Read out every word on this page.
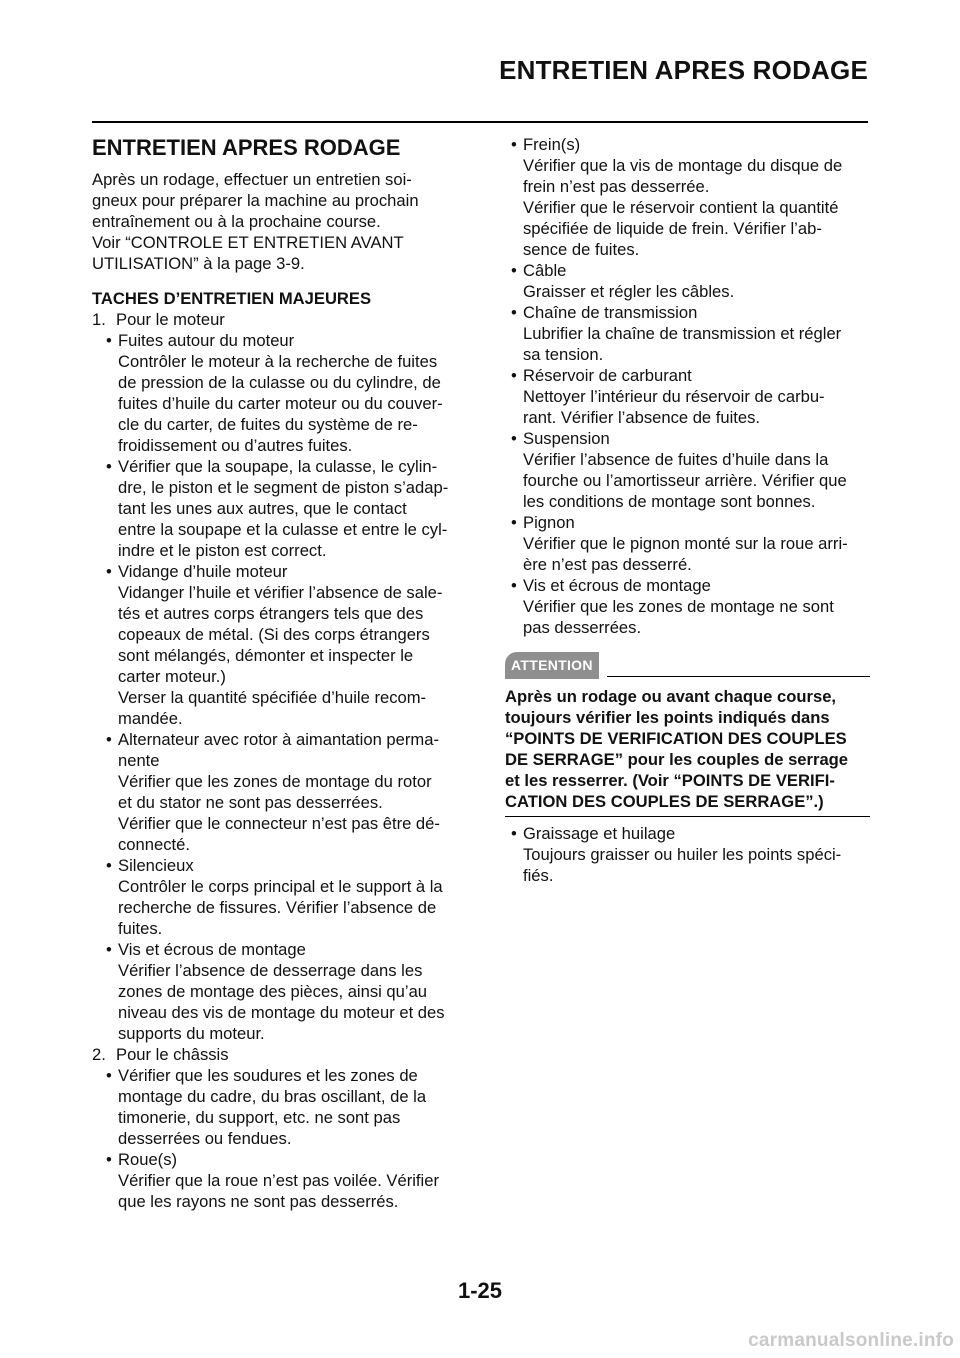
ENTRETIEN APRES RODAGE
ENTRETIEN APRES RODAGE

Après un rodage, effectuer un entretien soi-
gneux pour préparer la machine au prochain
entraînement ou à la prochaine course.
Voir “CONTROLE ET ENTRETIEN AVANT
UTILISATION” à la page 3-9.

TACHES D’ENTRETIEN MAJEURES

1. Pour le moteur
• Fuites autour du moteur
Contrôler le moteur à la recherche de fuites
de pression de la culasse ou du cylindre, de
fuites d’huile du carter moteur ou du couver-
cle du carter, de fuites du système de re-
froidissement ou d’autres fuites.
• Vérifier que la soupape, la culasse, le cylin-
dre, le piston et le segment de piston s’adap-
tant les unes aux autres, que le contact
entre la soupape et la culasse et entre le cyl-
indre et le piston est correct.
• Vidange d’huile moteur
Vidanger l’huile et vérifier l’absence de sale-
tés et autres corps étrangers tels que des
copeaux de métal. (Si des corps étrangers
sont mélangés, démonter et inspecter le
carter moteur.)
Verser la quantité spécifiée d’huile recom-
mandée.
• Alternateur avec rotor à aimantation perma-
nente
Vérifier que les zones de montage du rotor
et du stator ne sont pas desserrées.
Vérifier que le connecteur n’est pas être dé-
connecté.
• Silencieux
Contrôler le corps principal et le support à la
recherche de fissures. Vérifier l’absence de
fuites.
• Vis et écrous de montage
Vérifier l’absence de desserrage dans les
zones de montage des pièces, ainsi qu’au
niveau des vis de montage du moteur et des
supports du moteur.
2. Pour le châssis
• Vérifier que les soudures et les zones de
montage du cadre, du bras oscillant, de la
timonerie, du support, etc. ne sont pas
desserrées ou fendues.
• Roue(s)
Vérifier que la roue n’est pas voilée. Vérifier
que les rayons ne sont pas desserrés.
• Frein(s)
Vérifier que la vis de montage du disque de
frein n’est pas desserrée.
Vérifier que le réservoir contient la quantité
spécifiée de liquide de frein. Vérifier l’ab-
sence de fuites.
• Câble
Graisser et régler les câbles.
• Chaîne de transmission
Lubrifier la chaîne de transmission et régler
sa tension.
• Réservoir de carburant
Nettoyer l’intérieur du réservoir de carbu-
rant. Vérifier l’absence de fuites.
• Suspension
Vérifier l’absence de fuites d’huile dans la
fourche ou l’amortisseur arrière. Vérifier que
les conditions de montage sont bonnes.
• Pignon
Vérifier que le pignon monté sur la roue arri-
ère n’est pas desserré.
• Vis et écrous de montage
Vérifier que les zones de montage ne sont
pas desserrées.
ATTENTION

Après un rodage ou avant chaque course,
toujours vérifier les points indiqués dans
“POINTS DE VERIFICATION DES COUPLES
DE SERRAGE” pour les couples de serrage
et les resserrer. (Voir “POINTS DE VERIFI-
CATION DES COUPLES DE SERRAGE”.)

• Graissage et huilage
Toujours graisser ou huiler les points spéci-
fiés.
1-25
carmanualsonline.info
